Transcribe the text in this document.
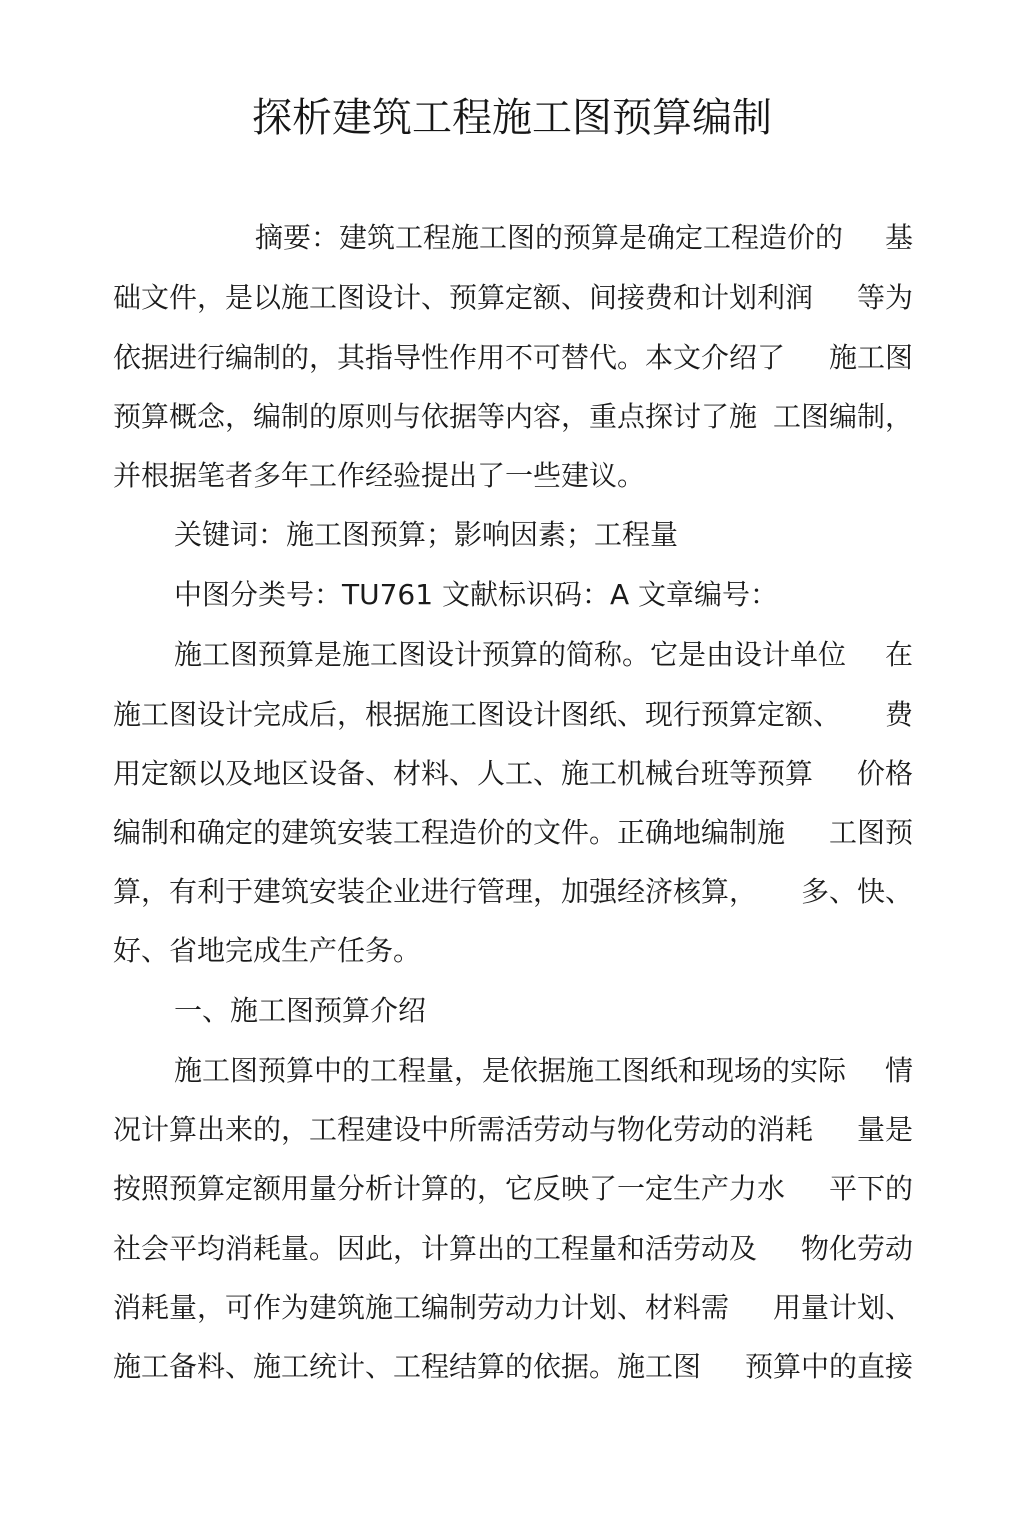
探析建筑工程施工图预算编制
摘要：建筑工程施工图的预算是确定工程造价的 基
础文件，是以施工图设计、预算定额、间接费和计划利润 等为
依据进行编制的，其指导性作用不可替代。本文介绍了 施工图
预算概念，编制的原则与依据等内容，重点探讨了施 工图编制，
并根据笔者多年工作经验提出了一些建议。
关键词：施工图预算；影响因素；工程量
中图分类号：TU761 文献标识码：A 文章编号：
施工图预算是施工图设计预算的简称。它是由设计单位 在
施工图设计完成后，根据施工图设计图纸、现行预算定额、 费
用定额以及地区设备、材料、人工、施工机械台班等预算 价格
编制和确定的建筑安装工程造价的文件。正确地编制施 工图预
算，有利于建筑安装企业进行管理，加强经济核算， 多、快、
好、省地完成生产任务。
一、施工图预算介绍
施工图预算中的工程量，是依据施工图纸和现场的实际 情
况计算出来的，工程建设中所需活劳动与物化劳动的消耗 量是
按照预算定额用量分析计算的，它反映了一定生产力水 平下的
社会平均消耗量。因此，计算出的工程量和活劳动及 物化劳动
消耗量，可作为建筑施工编制劳动力计划、材料需 用量计划、
施工备料、施工统计、工程结算的依据。施工图 预算中的直接
